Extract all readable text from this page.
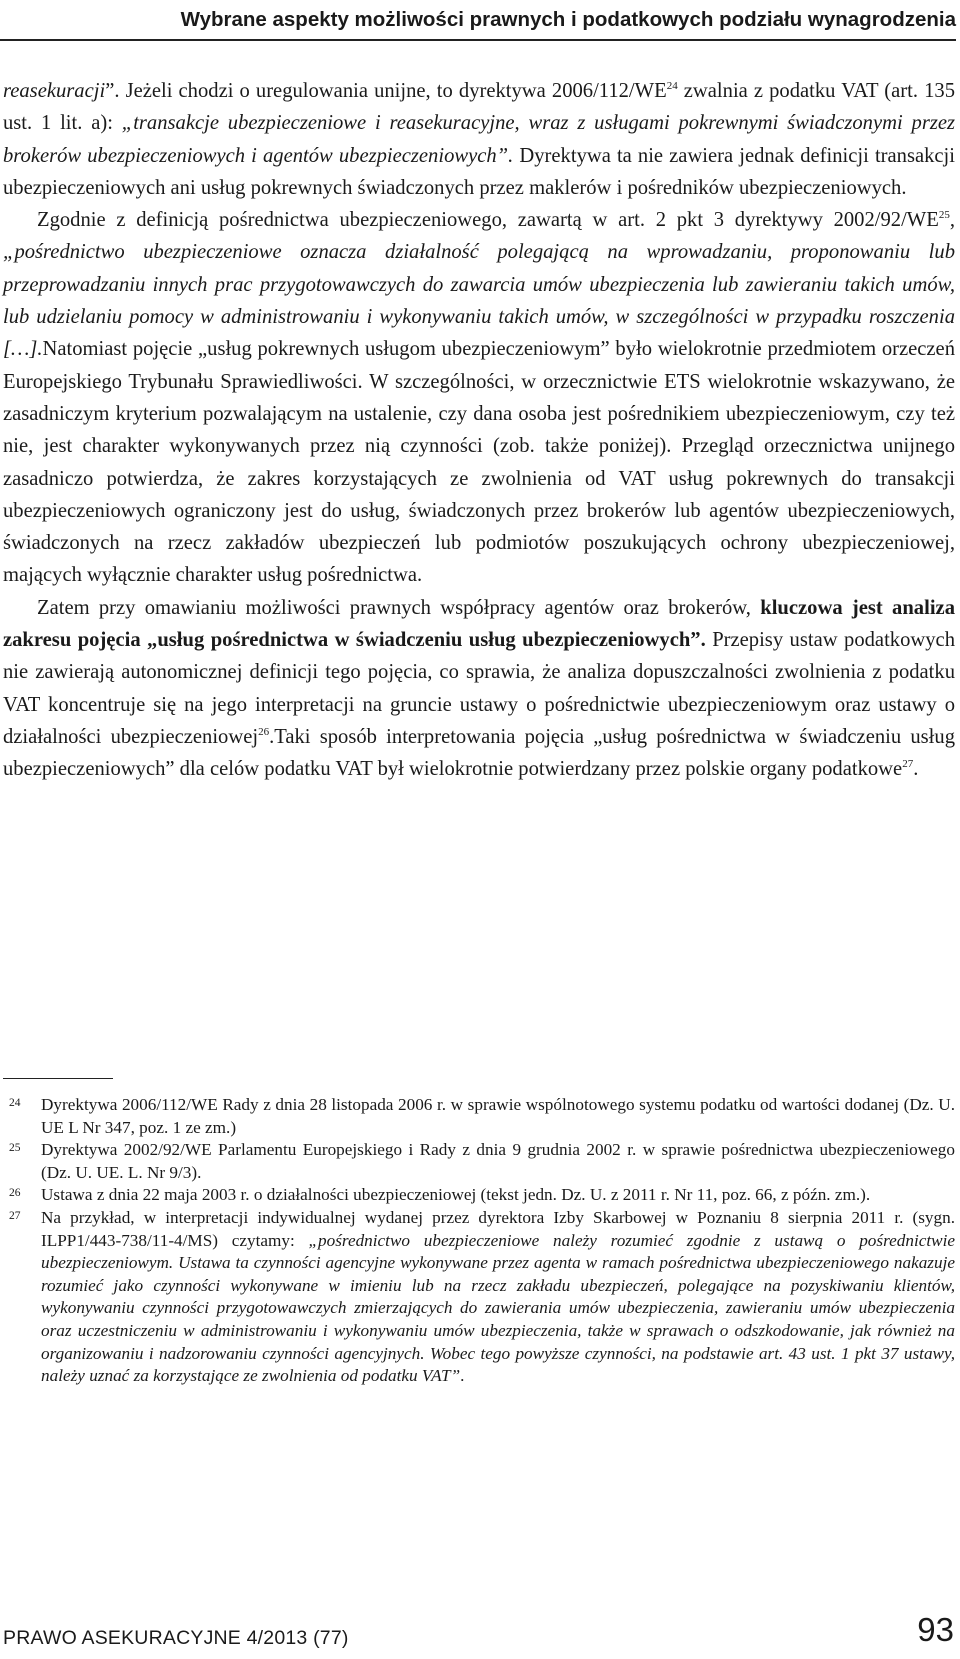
Wybrane aspekty możliwości prawnych i podatkowych podziału wynagrodzenia

reasekuracji”. Jeżeli chodzi o uregulowania unijne, to dyrektywa 2006/112/WE$^{24}$ zwalnia z podatku VAT (art. 135 ust. 1 lit. a): „transakcje ubezpieczeniowe i reasekuracyjne, wraz z usługami pokrewnymi świadczonymi przez brokerów ubezpieczeniowych i agentów ubezpieczeniowych”. Dyrektywa ta nie zawiera jednak definicji transakcji ubezpieczeniowych ani usług pokrewnych świadczonych przez maklerów i pośredników ubezpieczeniowych.

Zgodnie z definicją pośrednictwa ubezpieczeniowego, zawartą w art. 2 pkt 3 dyrektywy 2002/92/WE$^{25}$, „pośrednictwo ubezpieczeniowe oznacza działalność polegającą na wprowadzaniu, proponowaniu lub przeprowadzaniu innych prac przygotowawczych do zawarcia umów ubezpieczenia lub zawieraniu takich umów, lub udzielaniu pomocy w administrowaniu i wykonywaniu takich umów, w szczególności w przypadku roszczenia […].Natomiast pojęcie „usług pokrewnych usługom ubezpieczeniowym” było wielokrotnie przedmiotem orzeczeń Europejskiego Trybunału Sprawiedliwości. W szczególności, w orzecznictwie ETS wielokrotnie wskazywano, że zasadniczym kryterium pozwalającym na ustalenie, czy dana osoba jest pośrednikiem ubezpieczeniowym, czy też nie, jest charakter wykonywanych przez nią czynności (zob. także poniżej). Przegląd orzecznictwa unijnego zasadniczo potwierdza, że zakres korzystających ze zwolnienia od VAT usług pokrewnych do transakcji ubezpieczeniowych ograniczony jest do usług, świadczonych przez brokerów lub agentów ubezpieczeniowych, świadczonych na rzecz zakładów ubezpieczeń lub podmiotów poszukujących ochrony ubezpieczeniowej, mających wyłącznie charakter usług pośrednictwa.

Zatem przy omawianiu możliwości prawnych współpracy agentów oraz brokerów, kluczowa jest analiza zakresu pojęcia „usług pośrednictwa w świadczeniu usług ubezpieczeniowych”. Przepisy ustaw podatkowych nie zawierają autonomicznej definicji tego pojęcia, co sprawia, że analiza dopuszczalności zwolnienia z podatku VAT koncentruje się na jego interpretacji na gruncie ustawy o pośrednictwie ubezpieczeniowym oraz ustawy o działalności ubezpieczeniowej$^{26}$.Taki sposób interpretowania pojęcia „usług pośrednictwa w świadczeniu usług ubezpieczeniowych” dla celów podatku VAT był wielokrotnie potwierdzany przez polskie organy podatkowe$^{27}$.

24 Dyrektywa 2006/112/WE Rady z dnia 28 listopada 2006 r. w sprawie wspólnotowego systemu podatku od wartości dodanej (Dz. U. UE L Nr 347, poz. 1 ze zm.)

25 Dyrektywa 2002/92/WE Parlamentu Europejskiego i Rady z dnia 9 grudnia 2002 r. w sprawie pośrednictwa ubezpieczeniowego (Dz. U. UE. L. Nr 9/3).

26 Ustawa z dnia 22 maja 2003 r. o działalności ubezpieczeniowej (tekst jedn. Dz. U. z 2011 r. Nr 11, poz. 66, z późn. zm.).

27 Na przykład, w interpretacji indywidualnej wydanej przez dyrektora Izby Skarbowej w Poznaniu 8 sierpnia 2011 r. (sygn. ILPP1/443-738/11-4/MS) czytamy: „pośrednictwo ubezpieczeniowe należy rozumieć zgodnie z ustawą o pośrednictwie ubezpieczeniowym. Ustawa ta czynności agencyjne wykonywane przez agenta w ramach pośrednictwa ubezpieczeniowego nakazuje rozumieć jako czynności wykonywane w imieniu lub na rzecz zakładu ubezpieczeń, polegające na pozyskiwaniu klientów, wykonywaniu czynności przygotowawczych zmierzających do zawierania umów ubezpieczenia, zawieraniu umów ubezpieczenia oraz uczestniczeniu w administrowaniu i wykonywaniu umów ubezpieczenia, także w sprawach o odszkodowanie, jak również na organizowaniu i nadzorowaniu czynności agencyjnych. Wobec tego powyższe czynności, na podstawie art. 43 ust. 1 pkt 37 ustawy, należy uznać za korzystające ze zwolnienia od podatku VAT”.

PRAWO ASEKURACYJNE 4/2013 (77)	93
